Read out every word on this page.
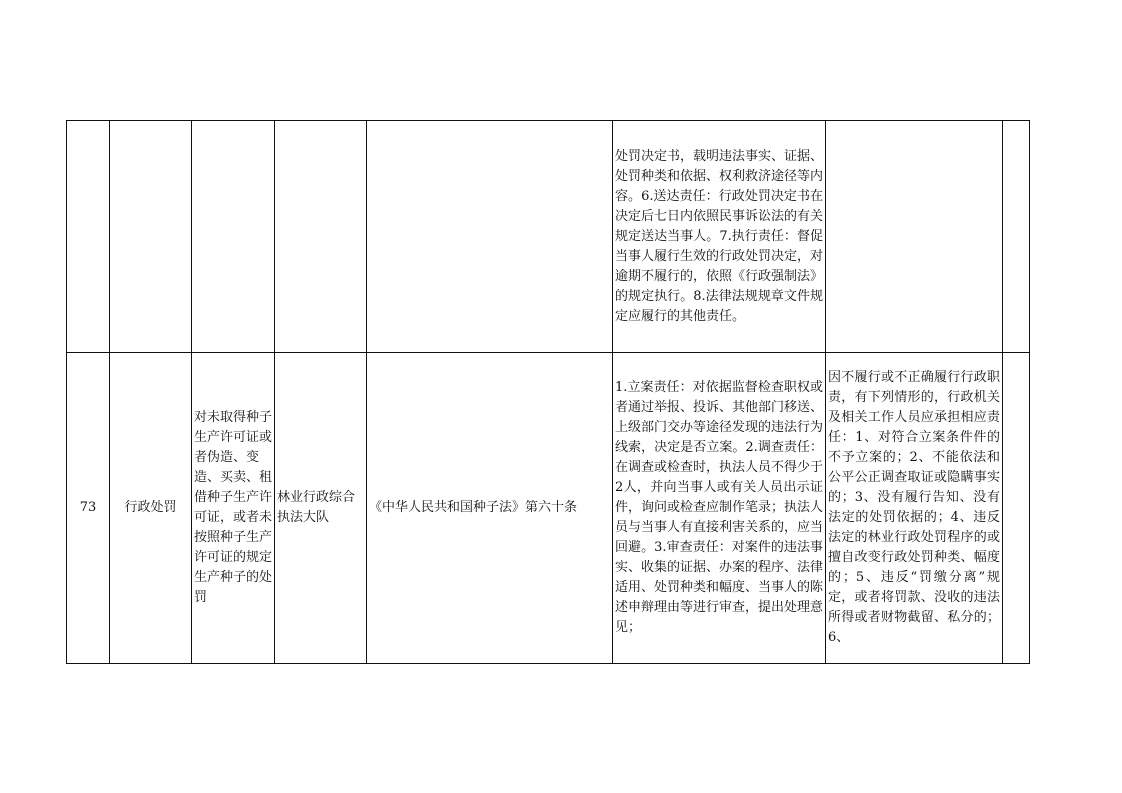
					处罚决定书，载明违法事实、证据、处罚种类和依据、权利救济途径等内容。6.送达责任：行政处罚决定书在决定后七日内依照民事诉讼法的有关规定送达当事人。7.执行责任：督促当事人履行生效的行政处罚决定，对逾期不履行的，依照《行政强制法》的规定执行。8.法律法规规章文件规定应履行的其他责任。		
73	行政处罚	对未取得种子生产许可证或者伪造、变造、买卖、租借种子生产许可证，或者未按照种子生产许可证的规定生产种子的处罚	林业行政综合执法大队	《中华人民共和国种子法》第六十条	1.立案责任：对依据监督检查职权或者通过举报、投诉、其他部门移送、上级部门交办等途径发现的违法行为线索，决定是否立案。2.调查责任：在调查或检查时，执法人员不得少于2人，并向当事人或有关人员出示证件，询问或检查应制作笔录；执法人员与当事人有直接利害关系的，应当回避。3.审查责任：对案件的违法事实、收集的证据、办案的程序、法律适用、处罚种类和幅度、当事人的陈述申辩理由等进行审查，提出处理意见；	因不履行或不正确履行行政职责，有下列情形的，行政机关及相关工作人员应承担相应责任：1、对符合立案条件件的不予立案的；2、不能依法和公平公正调查取证或隐瞒事实的；3、没有履行告知、没有法定的处罚依据的；4、违反法定的林业行政处罚程序的或擅自改变行政处罚种类、幅度的；5、违反“罚缴分离”规定，或者将罚款、没收的违法所得或者财物截留、私分的；6、	
